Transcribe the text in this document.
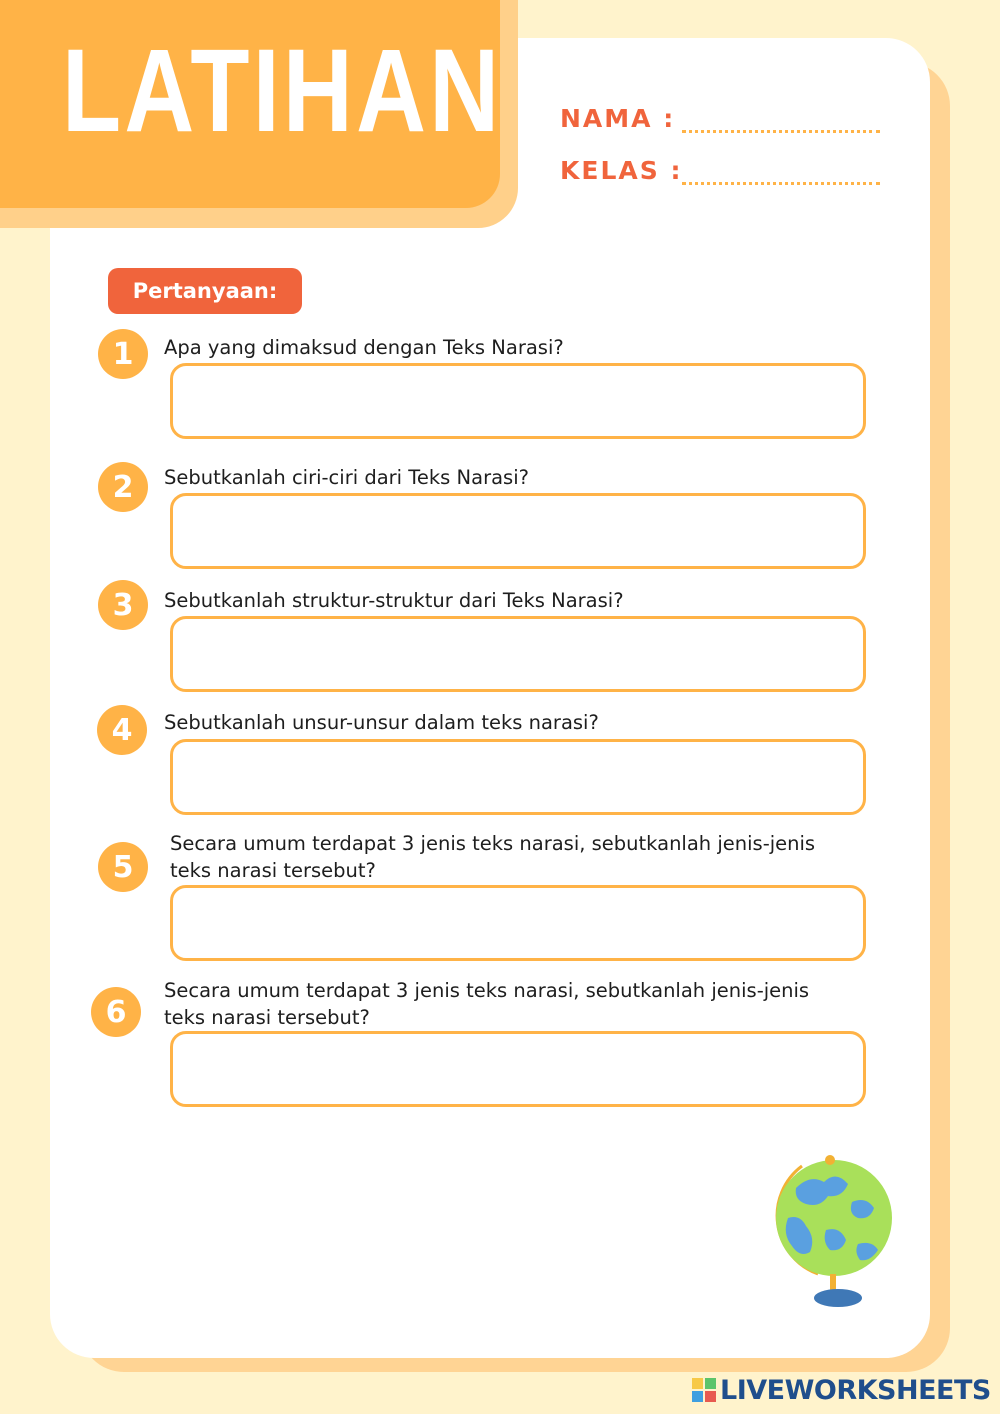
LATIHAN NAMA :
KELAS :
Pertanyaan:
1	Apa yang dimaksud dengan Teks Narasi?

2	Sebutkanlah ciri-ciri dari Teks Narasi?

3	Sebutkanlah struktur-struktur dari Teks Narasi?

4	Sebutkanlah unsur-unsur dalam teks narasi?

5

Secara umum terdapat 3 jenis teks narasi, sebutkanlah jenis-jenis teks narasi tersebut?

6

Secara umum terdapat 3 jenis teks narasi, sebutkanlah jenis-jenis teks narasi tersebut?

LIVEWORKSHEETS
